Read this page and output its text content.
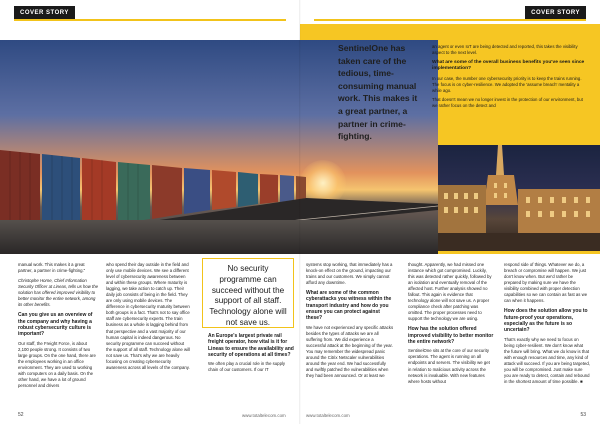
COVER STORY	COVER STORY
SentinelOne has taken care of the tedious, time-consuming manual work. This makes it a great partner, a partner in crime-fighting.

an agent or even IoT are being detected and reported, this takes the visibility aspect to the next level.

What are some of the overall business benefits you've seen since implementation?

In our case, the number one cybersecurity priority is to keep the trains running. The focus is on cyber-resilience. We adopted the 'assume breach' mentality a while ago.

That doesn't mean we no longer invest in the protection of our environment, but we rather focus on the detect and

manual work. This makes it a great partner, a partner in crime-fighting."

Christophe Horne, Chief Information Security Officer at Lineas, tells us how the solution has offered improved visibility to better monitor the entire network, among its other benefits.

Can you give us an overview of the company and why having a robust cybersecurity culture is important?

Our staff, the Freight Force, is about 2,100 people strong. It consists of two large groups. On the one hand, there are the employees working in an office environment. They are used to working with computers on a daily basis. On the other hand, we have a lot of ground personnel and drivers

who spend their day outside in the field and only use mobile devices. We see a different level of cybersecurity awareness between and within these groups. Where maturity is lagging, we take action to catch up. Their daily job consists of being in the field. They are only using mobile devices. The difference in cybersecurity maturity between both groups is a fact. That's not to say office staff are cybersecurity experts. The train business as a whole is lagging behind from that perspective and a vast majority of our human capital is indeed dangerous. No security programme can succeed without the support of all staff. Technology alone will not save us. That's why we are heavily focusing on creating cybersecurity awareness across all levels of the company.

No security programme can succeed without the support of all staff. Technology alone will not save us.

An Europe's largest private rail freight operator, how vital is it for Lineas to ensure the availability and security of operations at all times?

We often play a crucial role in the supply chain of our customers. If our IT

systems stop working, that immediately has a knock-on effect on the ground, impacting our trains and our customers. We simply cannot afford any downtime.

What are some of the common cyberattacks you witness within the transport industry and how do you ensure you can protect against these?

We have not experienced any specific attacks besides the types of attacks we are all suffering from. We did experience a successful attack at the beginning of the year. You may remember the widespread panic around the Citrix Netscaler vulnerabilities around the year end. We had successfully and swiftly patched the vulnerabilities when they had been announced. Or at least we

thought. Apparently, we had missed one instance which got compromised. Luckily, this was detected rather quickly, followed by an isolation and eventually removal of the affected host. Further analysis showed no fallout. This again is evidence that technology alone will not save us. A proper compliance check after patching was omitted. The proper processes need to support the technology we are using.

How has the solution offered improved visibility to better monitor the entire network?

SentinelOne sits at the core of our security operations. The agent is running on all endpoints and servers. The visibility we get in relation to malicious activity across the network is invaluable. With new features where hosts without

respond side of things. Whatever we do, a breach or compromise will happen. We just don't know when. But we'd rather be prepared by making sure we have the visibility combined with proper detection capabilities so we can contain as fast as we can when it happens.

How does the solution allow you to future-proof your operations, especially as the future is so uncertain?

That's exactly why we need to focus on being cyber-resilient. We don't know what the future will bring. What we do know is that with enough resources and time, any kind of attack will succeed. If you are being targeted, you will be compromised. Just make sure you are ready to detect, contain and rebound in the shortest amount of time possible. ■

52	www.totaltelecom.com	www.totaltelecom.com	53
